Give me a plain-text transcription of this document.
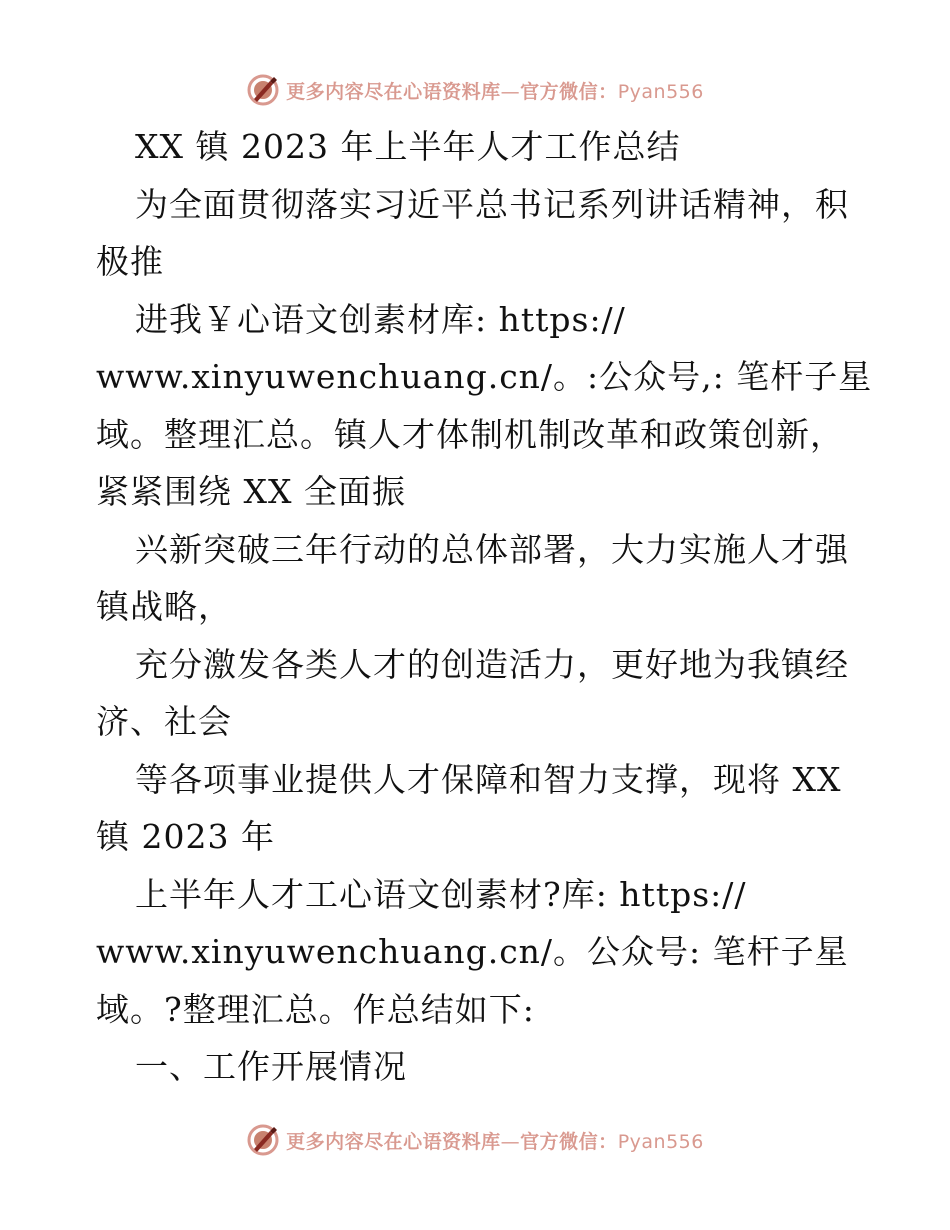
更多内容尽在心语资料库—官方微信：Pyan556
XX 镇 2023 年上半年人才工作总结
为全面贯彻落实习近平总书记系列讲话精神，积
极推
进我￥心语文创素材库: https://
www.xinyuwenchuang.cn/。:公众号,: 笔杆子星
域。整理汇总。镇人才体制机制改革和政策创新，
紧紧围绕 XX 全面振
兴新突破三年行动的总体部署，大力实施人才强
镇战略，
充分激发各类人才的创造活力，更好地为我镇经
济、社会
等各项事业提供人才保障和智力支撑，现将 XX
镇 2023 年
上半年人才工心语文创素材?库: https://
www.xinyuwenchuang.cn/。公众号: 笔杆子星
域。?整理汇总。作总结如下:
一、工作开展情况
更多内容尽在心语资料库—官方微信：Pyan556
